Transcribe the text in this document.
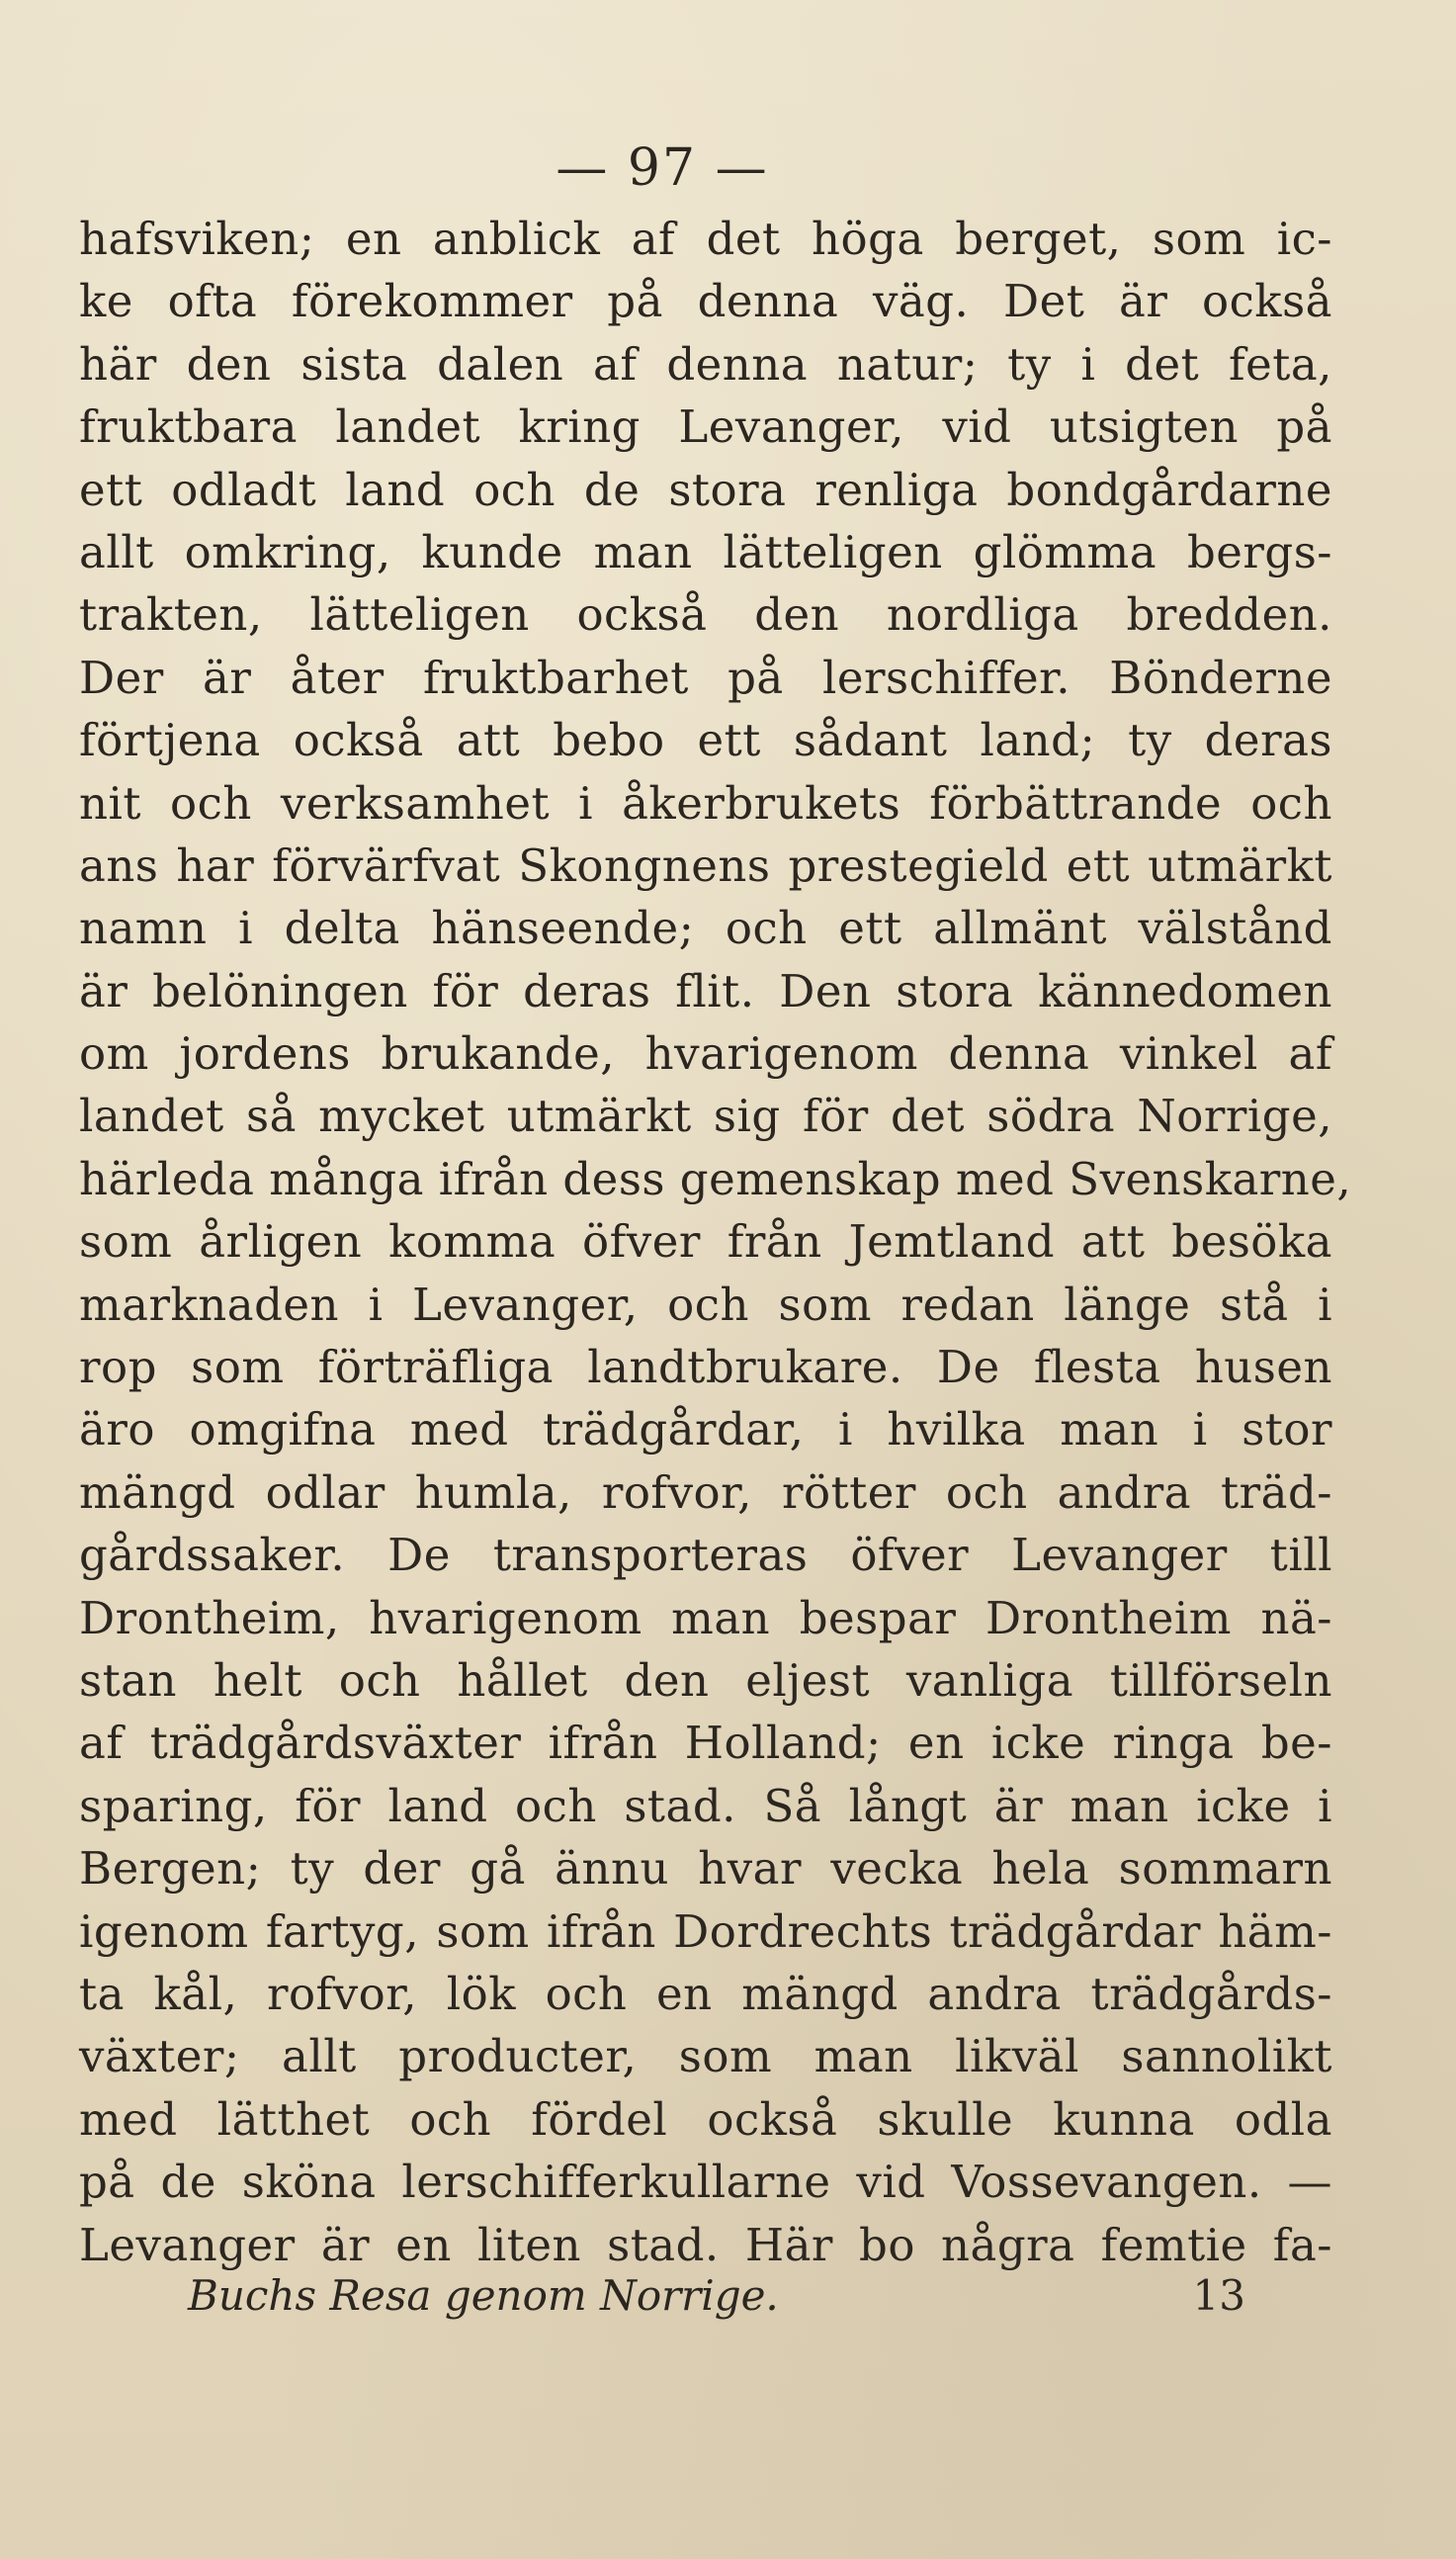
— 97 —
hafsviken; en anblick af det höga berget, som ic-
ke ofta förekommer på denna väg. Det är också
här den sista dalen af denna natur; ty i det feta,
fruktbara landet kring Levanger, vid utsigten på
ett odladt land och de stora renliga bondgårdarne
allt omkring, kunde man lätteligen glömma bergs-
trakten, lätteligen också den nordliga bredden.
Der är åter fruktbarhet på lerschiffer. Bönderne
förtjena också att bebo ett sådant land; ty deras
nit och verksamhet i åkerbrukets förbättrande och
ans har förvärfvat Skongnens prestegield ett utmärkt
namn i delta hänseende; och ett allmänt välstånd
är belöningen för deras flit. Den stora kännedomen
om jordens brukande, hvarigenom denna vinkel af
landet så mycket utmärkt sig för det södra Norrige,
härleda många ifrån dess gemenskap med Svenskarne,
som årligen komma öfver från Jemtland att besöka
marknaden i Levanger, och som redan länge stå i
rop som förträfliga landtbrukare. De flesta husen
äro omgifna med trädgårdar, i hvilka man i stor
mängd odlar humla, rofvor, rötter och andra träd-
gårdssaker. De transporteras öfver Levanger till
Drontheim, hvarigenom man bespar Drontheim nä-
stan helt och hållet den eljest vanliga tillförseln
af trädgårdsväxter ifrån Holland; en icke ringa be-
sparing, för land och stad. Så långt är man icke i
Bergen; ty der gå ännu hvar vecka hela sommarn
igenom fartyg, som ifrån Dordrechts trädgårdar häm-
ta kål, rofvor, lök och en mängd andra trädgårds-
växter; allt producter, som man likväl sannolikt
med lätthet och fördel också skulle kunna odla
på de sköna lerschifferkullarne vid Vossevangen. —
Levanger är en liten stad. Här bo några femtie fa-
Buchs Resa genom Norrige.	13
